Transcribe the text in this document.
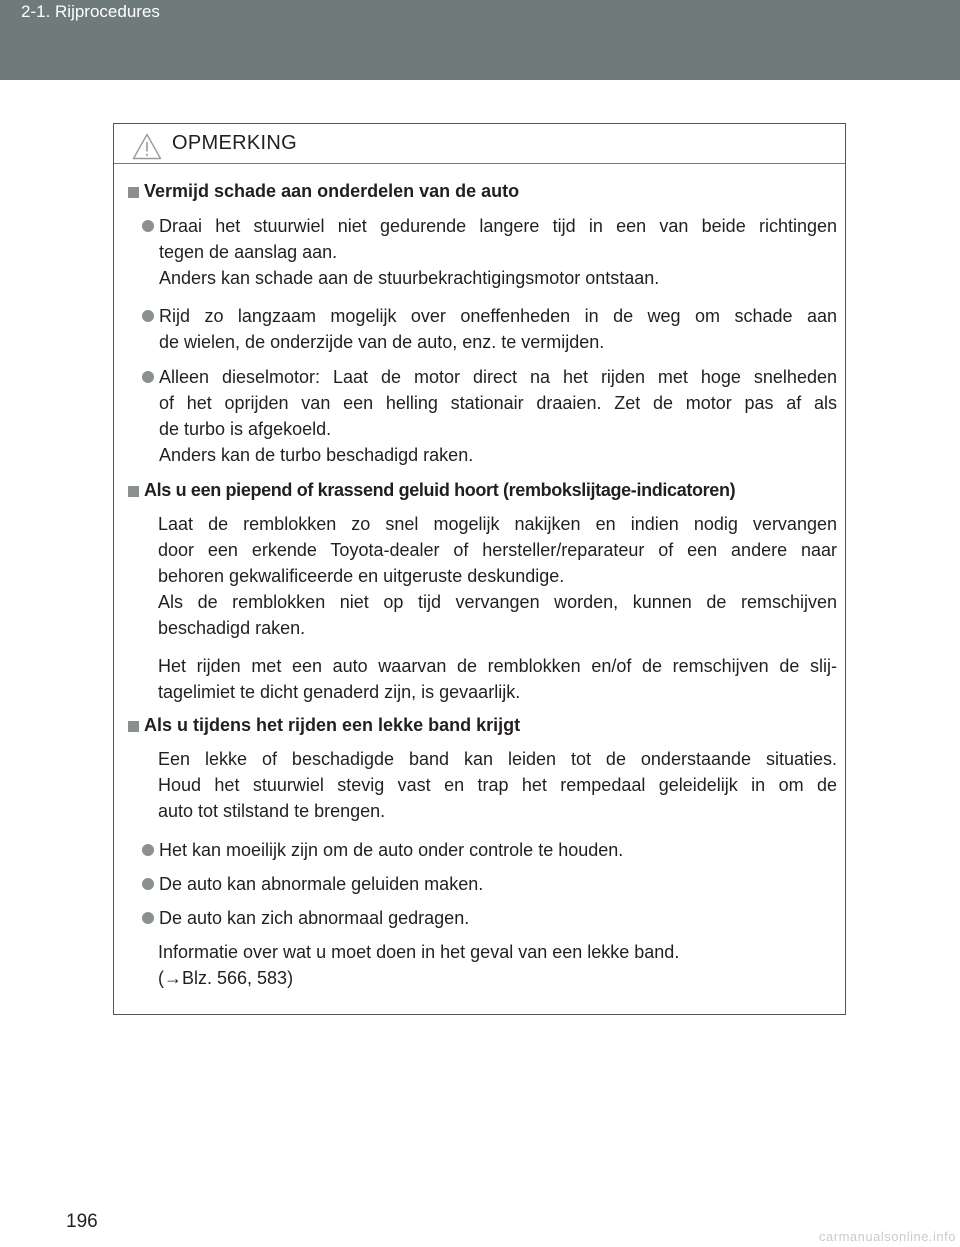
2-1. Rijprocedures
OPMERKING
Vermijd schade aan onderdelen van de auto
Draai het stuurwiel niet gedurende langere tijd in een van beide richtingen
tegen de aanslag aan.
Anders kan schade aan de stuurbekrachtigingsmotor ontstaan.
Rijd zo langzaam mogelijk over oneffenheden in de weg om schade aan
de wielen, de onderzijde van de auto, enz. te vermijden.
Alleen dieselmotor: Laat de motor direct na het rijden met hoge snelheden
of het oprijden van een helling stationair draaien. Zet de motor pas af als
de turbo is afgekoeld.
Anders kan de turbo beschadigd raken.
Als u een piepend of krassend geluid hoort (rembokslijtage-indicatoren)
Laat de remblokken zo snel mogelijk nakijken en indien nodig vervangen
door een erkende Toyota-dealer of hersteller/reparateur of een andere naar
behoren gekwalificeerde en uitgeruste deskundige.
Als de remblokken niet op tijd vervangen worden, kunnen de remschijven
beschadigd raken.
Het rijden met een auto waarvan de remblokken en/of de remschijven de slij-
tagelimiet te dicht genaderd zijn, is gevaarlijk.
Als u tijdens het rijden een lekke band krijgt
Een lekke of beschadigde band kan leiden tot de onderstaande situaties.
Houd het stuurwiel stevig vast en trap het rempedaal geleidelijk in om de
auto tot stilstand te brengen.
Het kan moeilijk zijn om de auto onder controle te houden.
De auto kan abnormale geluiden maken.
De auto kan zich abnormaal gedragen.
Informatie over wat u moet doen in het geval van een lekke band.
(→Blz. 566, 583)
196
carmanualsonline.info
